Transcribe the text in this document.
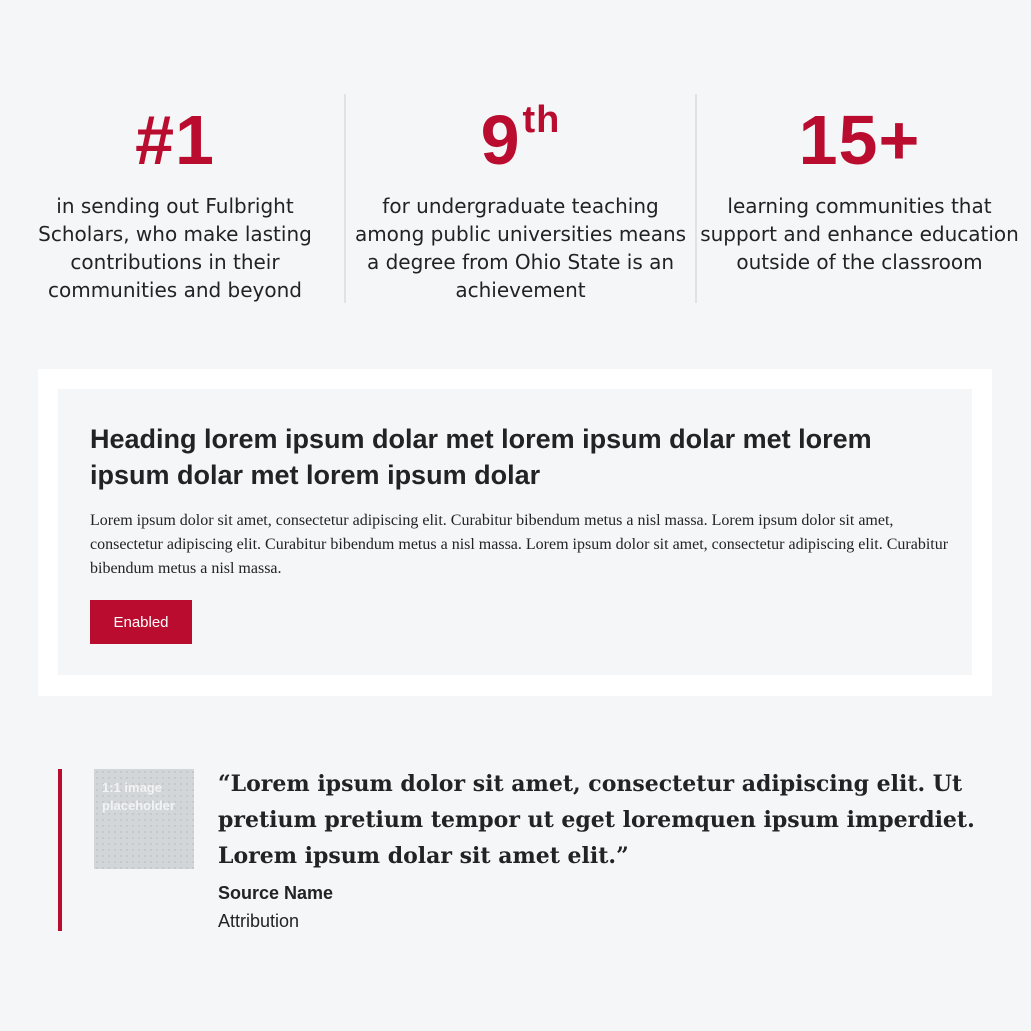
#1
in sending out Fulbright Scholars, who make lasting contributions in their communities and beyond
9th
for undergraduate teaching among public universities means a degree from Ohio State is an achievement
15+
learning communities that support and enhance education outside of the classroom
Heading lorem ipsum dolar met lorem ipsum dolar met lorem ipsum dolar met lorem ipsum dolar
Lorem ipsum dolor sit amet, consectetur adipiscing elit. Curabitur bibendum metus a nisl massa. Lorem ipsum dolor sit amet, consectetur adipiscing elit. Curabitur bibendum metus a nisl massa. Lorem ipsum dolor sit amet, consectetur adipiscing elit. Curabitur bibendum metus a nisl massa.
Enabled
1:1 image placeholder
“Lorem ipsum dolor sit amet, consectetur adipiscing elit. Ut pretium pretium tempor ut eget loremquen ipsum imperdiet. Lorem ipsum dolar sit amet elit.”
Source Name
Attribution
